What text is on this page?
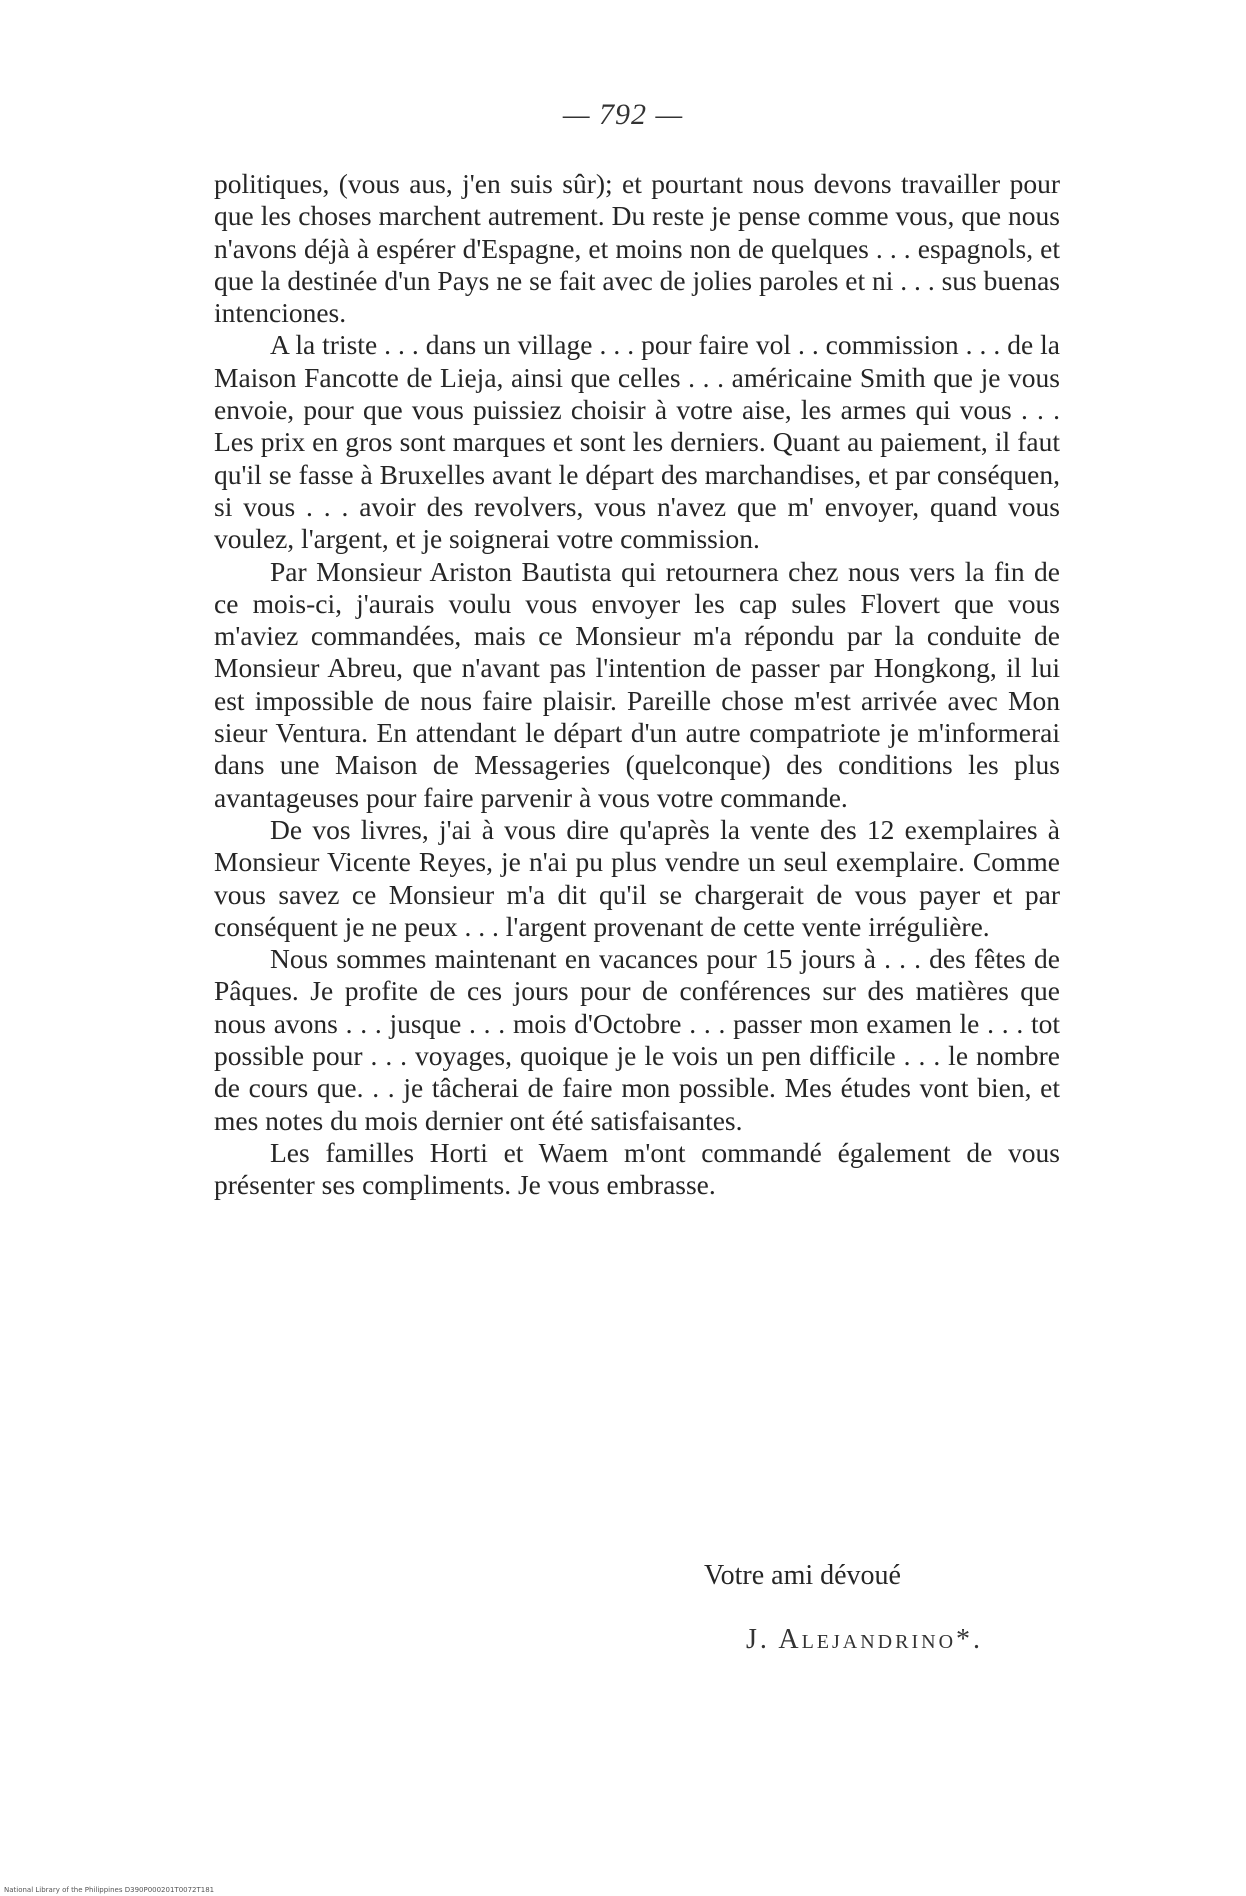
— 792 —

politiques, (vous aus, j'en suis sûr); et pourtant nous devons travailler pour que les choses marchent autrement. Du reste je pense comme vous, que nous n'avons déjà à espérer d'Espagne, et moins non de quelques . . . espagnols, et que la destinée d'un Pays ne se fait avec de jolies paroles et ni . . . sus buenas intenciones.

A la triste . . . dans un village . . . pour faire vol . . commission . . . de la Maison Fancotte de Lieja, ainsi que celles . . . américaine Smith que je vous envoie, pour que vous puissiez choisir à votre aise, les armes qui vous . . . Les prix en gros sont marques et sont les derniers. Quant au paiement, il faut qu'il se fasse à Bruxelles avant le départ des marchandises, et par conséquen, si vous . . . avoir des revolvers, vous n'avez que m' envoyer, quand vous voulez, l'argent, et je soignerai votre commission.

Par Monsieur Ariston Bautista qui retournera chez nous vers la fin de ce mois-ci, j'aurais voulu vous envoyer les cap sules Flovert que vous m'aviez commandées, mais ce Monsieur m'a répondu par la conduite de Monsieur Abreu, que n'avant pas l'intention de passer par Hongkong, il lui est impossible de nous faire plaisir. Pareille chose m'est arrivée avec Mon sieur Ventura. En attendant le départ d'un autre compatriote je m'informerai dans une Maison de Messageries (quelconque) des conditions les plus avantageuses pour faire parvenir à vous votre commande.

De vos livres, j'ai à vous dire qu'après la vente des 12 exemplaires à Monsieur Vicente Reyes, je n'ai pu plus vendre un seul exemplaire. Comme vous savez ce Monsieur m'a dit qu'il se chargerait de vous payer et par conséquent je ne peux . . . l'argent provenant de cette vente irrégulière.

Nous sommes maintenant en vacances pour 15 jours à . . . des fêtes de Pâques. Je profite de ces jours pour de conférences sur des matières que nous avons . . . jusque . . . mois d'Octobre . . . passer mon examen le . . . tot possible pour . . . voyages, quoique je le vois un pen difficile . . . le nombre de cours que. . . je tâcherai de faire mon possible. Mes études vont bien, et mes notes du mois dernier ont été satisfaisantes.

Les familles Horti et Waem m'ont commandé également de vous présenter ses compliments. Je vous embrasse.

Votre ami dévoué
J. Alejandrino*.
National Library of the Philippines D390P000201T0072T181
